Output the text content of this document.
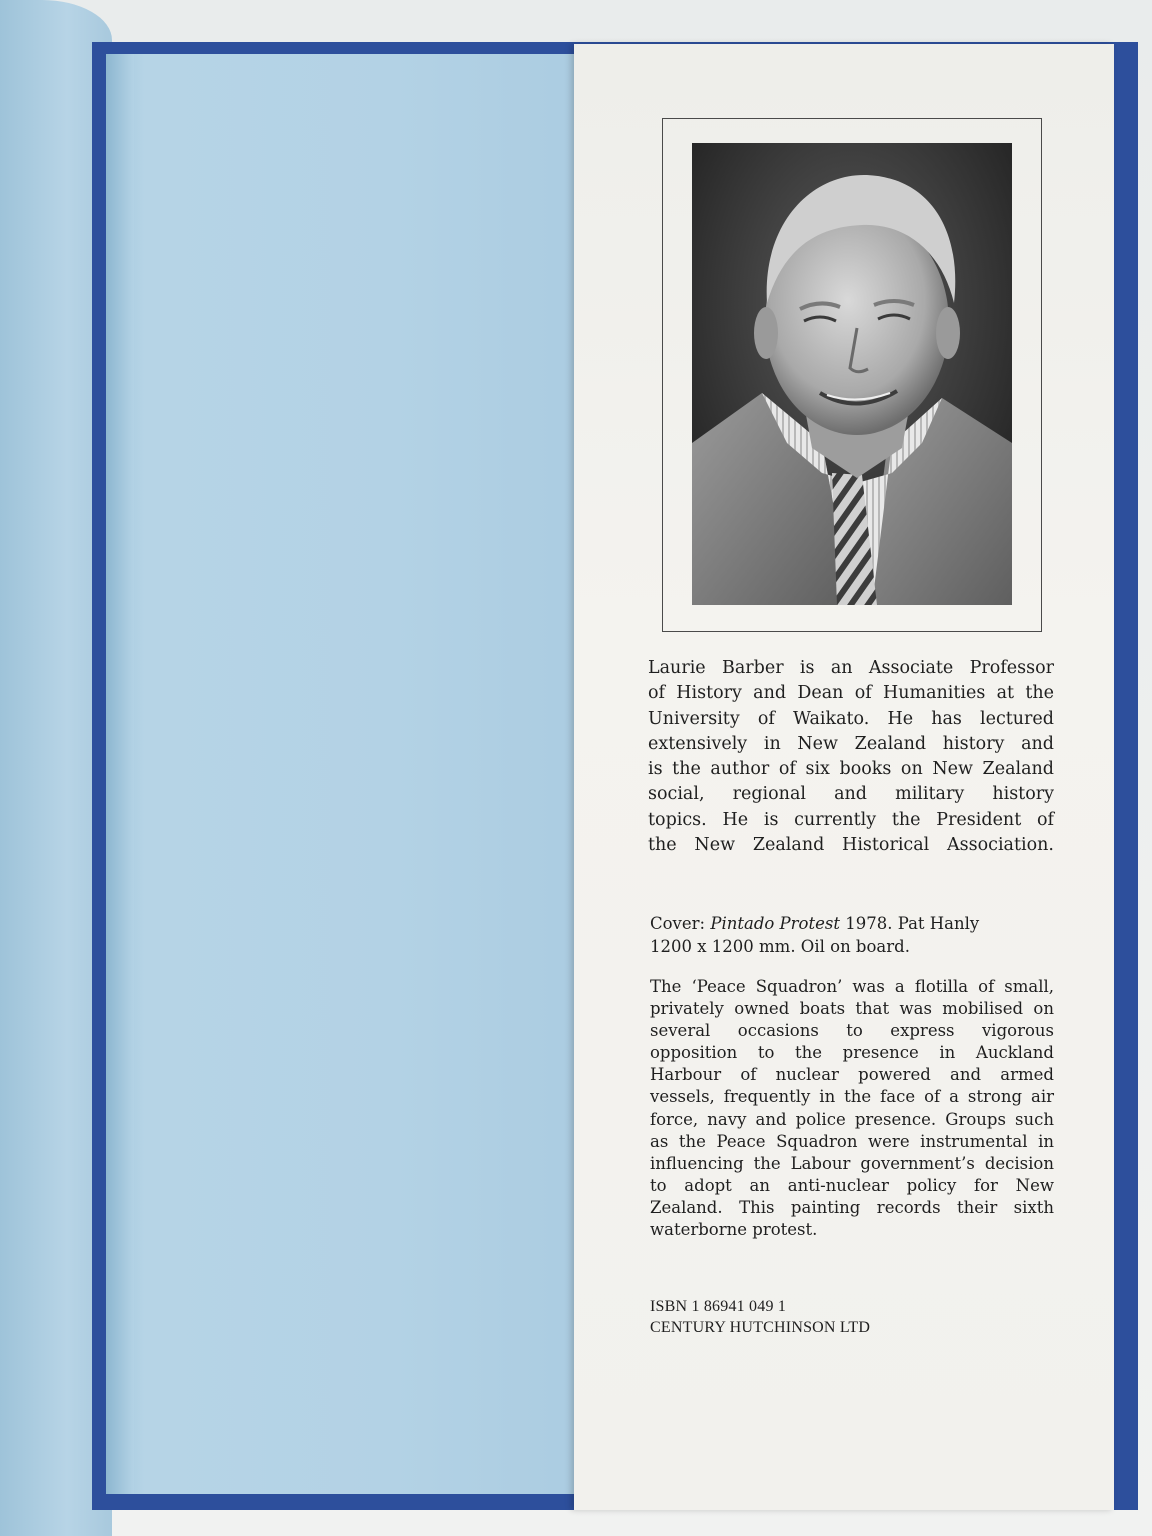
Laurie Barber is an Associate Professor
of History and Dean of Humanities at the
University of Waikato. He has lectured
extensively in New Zealand history and
is the author of six books on New Zealand
social, regional and military history
topics. He is currently the President of
the New Zealand Historical Association.
Cover: Pintado Protest 1978. Pat Hanly
1200 x 1200 mm. Oil on board.
The ‘Peace Squadron’ was a flotilla of small,
privately owned boats that was mobilised on
several occasions to express vigorous
opposition to the presence in Auckland
Harbour of nuclear powered and armed
vessels, frequently in the face of a strong air
force, navy and police presence. Groups such
as the Peace Squadron were instrumental in
influencing the Labour government’s decision
to adopt an anti-nuclear policy for New
Zealand. This painting records their sixth
waterborne protest.
ISBN 1 86941 049 1
CENTURY HUTCHINSON LTD
